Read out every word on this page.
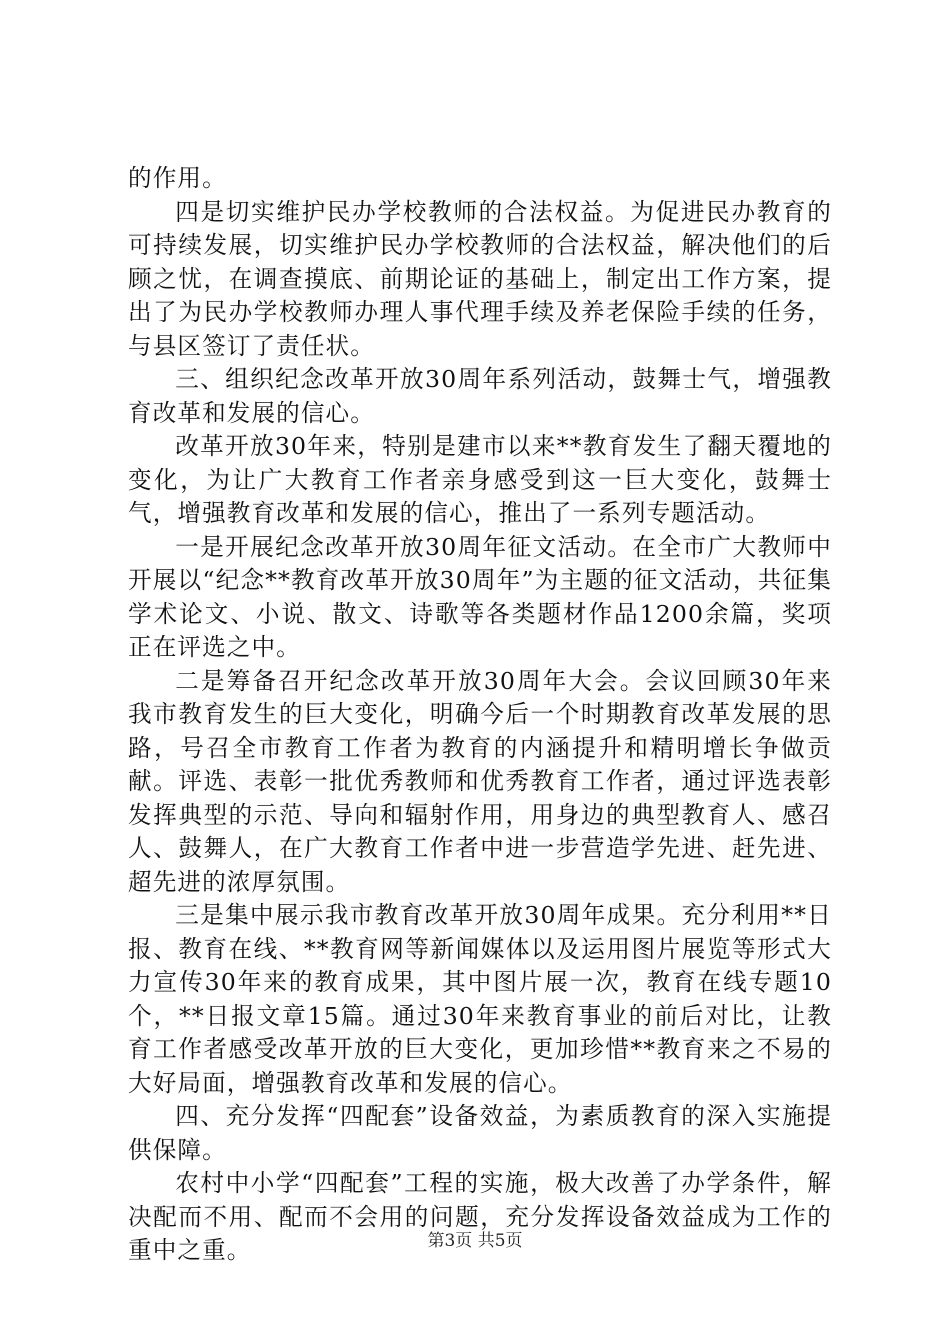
的作用。

四是切实维护民办学校教师的合法权益。为促进民办教育的可持续发展，切实维护民办学校教师的合法权益，解决他们的后顾之忧，在调查摸底、前期论证的基础上，制定出工作方案，提出了为民办学校教师办理人事代理手续及养老保险手续的任务，与县区签订了责任状。

三、组织纪念改革开放30周年系列活动，鼓舞士气，增强教育改革和发展的信心。

改革开放30年来，特别是建市以来**教育发生了翻天覆地的变化，为让广大教育工作者亲身感受到这一巨大变化，鼓舞士气，增强教育改革和发展的信心，推出了一系列专题活动。

一是开展纪念改革开放30周年征文活动。在全市广大教师中开展以“纪念**教育改革开放30周年”为主题的征文活动，共征集学术论文、小说、散文、诗歌等各类题材作品1200余篇，奖项正在评选之中。

二是筹备召开纪念改革开放30周年大会。会议回顾30年来我市教育发生的巨大变化，明确今后一个时期教育改革发展的思路，号召全市教育工作者为教育的内涵提升和精明增长争做贡献。评选、表彰一批优秀教师和优秀教育工作者，通过评选表彰发挥典型的示范、导向和辐射作用，用身边的典型教育人、感召人、鼓舞人，在广大教育工作者中进一步营造学先进、赶先进、超先进的浓厚氛围。

三是集中展示我市教育改革开放30周年成果。充分利用**日报、教育在线、**教育网等新闻媒体以及运用图片展览等形式大力宣传30年来的教育成果，其中图片展一次，教育在线专题10个，**日报文章15篇。通过30年来教育事业的前后对比，让教育工作者感受改革开放的巨大变化，更加珍惜**教育来之不易的大好局面，增强教育改革和发展的信心。

四、充分发挥“四配套”设备效益，为素质教育的深入实施提供保障。

农村中小学“四配套”工程的实施，极大改善了办学条件，解决配而不用、配而不会用的问题，充分发挥设备效益成为工作的重中之重。	第3页 共5页
